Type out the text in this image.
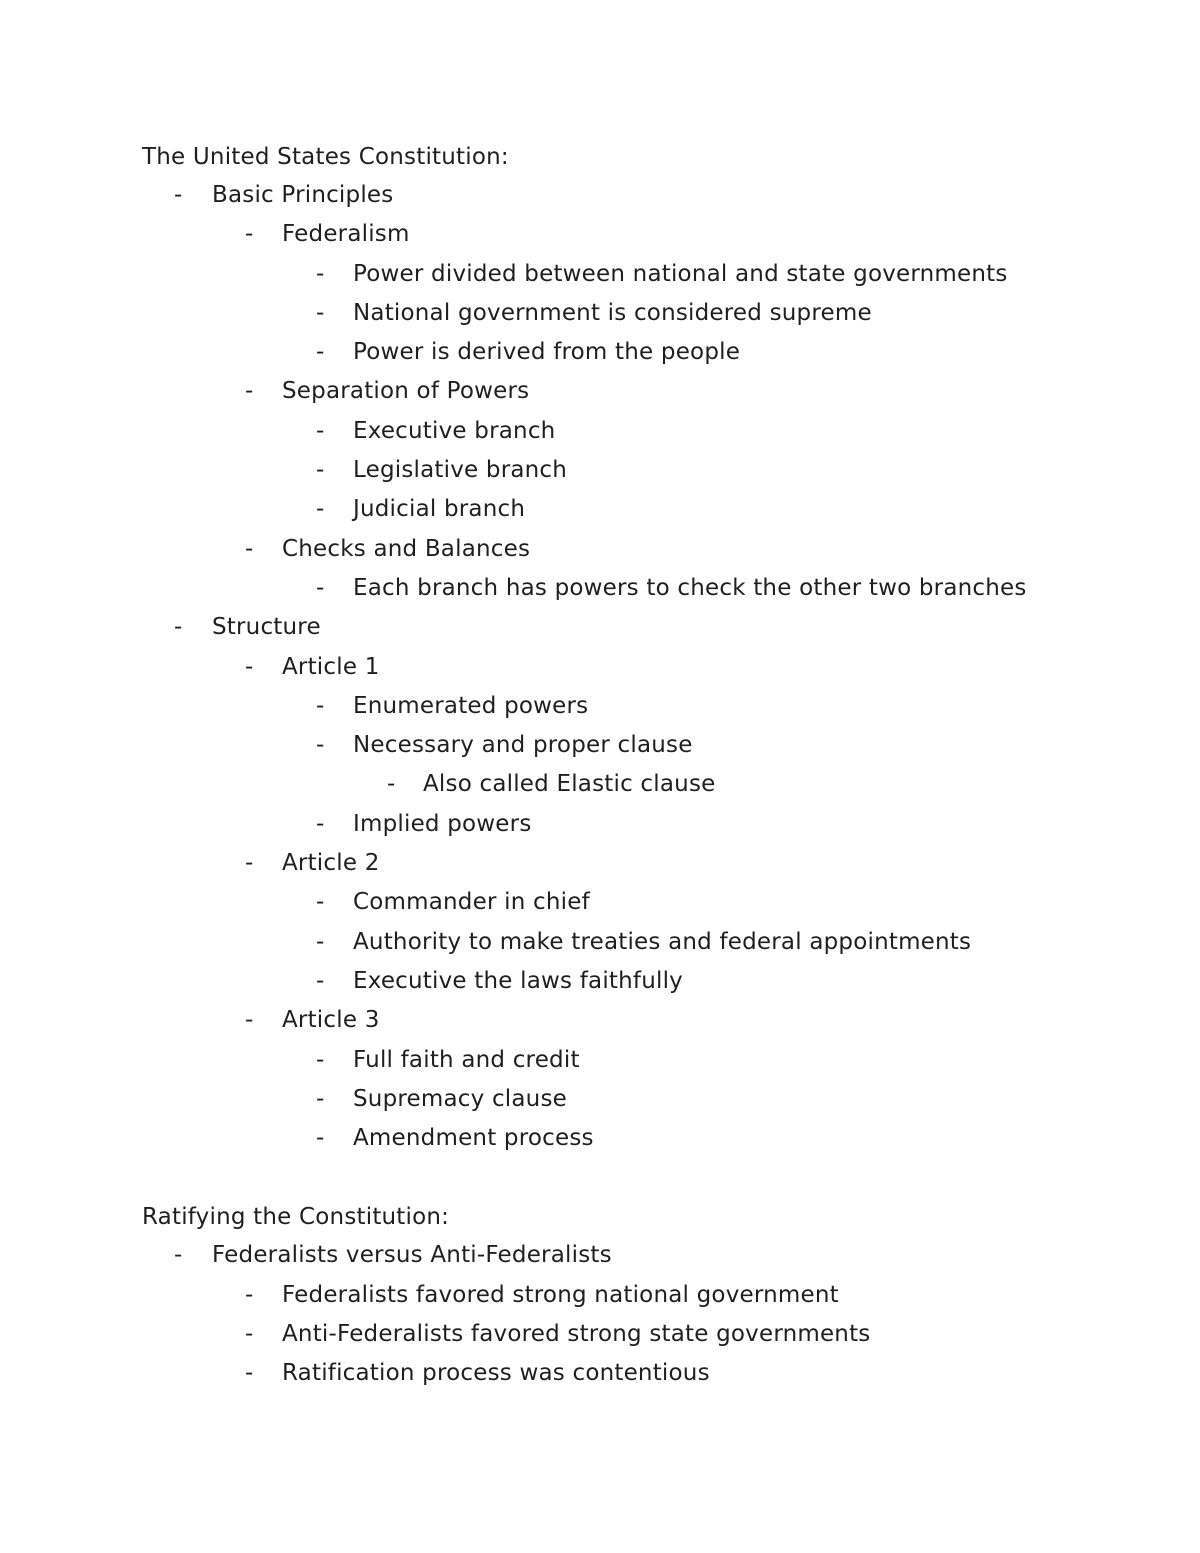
The United States Constitution:
- Basic Principles
- Federalism
- Power divided between national and state governments
- National government is considered supreme
- Power is derived from the people
- Separation of Powers
- Executive branch
- Legislative branch
- Judicial branch
- Checks and Balances
- Each branch has powers to check the other two branches
- Structure
- Article 1
- Enumerated powers
- Necessary and proper clause
- Also called Elastic clause
- Implied powers
- Article 2
- Commander in chief
- Authority to make treaties and federal appointments
- Executive the laws faithfully
- Article 3
- Full faith and credit
- Supremacy clause
- Amendment process
Ratifying the Constitution:
- Federalists versus Anti-Federalists
- Federalists favored strong national government
- Anti-Federalists favored strong state governments
- Ratification process was contentious
